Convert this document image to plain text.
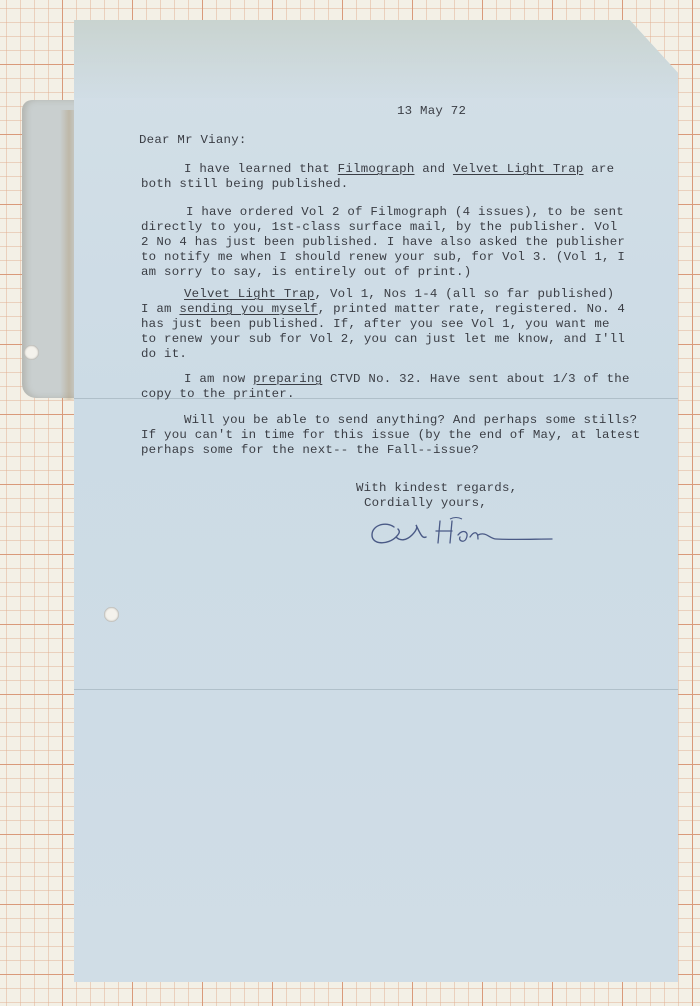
13 May 72
Dear Mr Viany:
I have learned that Filmograph and Velvet Light Trap are
both still being published.
I have ordered Vol 2 of Filmograph (4 issues), to be sent
directly to you, 1st-class surface mail, by the publisher. Vol
2 No 4 has just been published. I have also asked the publisher
to notify me when I should renew your sub, for Vol 3. (Vol 1, I
am sorry to say, is entirely out of print.)
Velvet Light Trap, Vol 1, Nos 1-4 (all so far published)
I am sending you myself, printed matter rate, registered. No. 4
has just been published. If, after you see Vol 1, you want me
to renew your sub for Vol 2, you can just let me know, and I'll
do it.
I am now preparing CTVD No. 32. Have sent about 1/3 of the
copy to the printer.
Will you be able to send anything? And perhaps some stills?
If you can't in time for this issue (by the end of May, at latest
perhaps some for the next-- the Fall--issue?
With kindest regards,
Cordially yours,
